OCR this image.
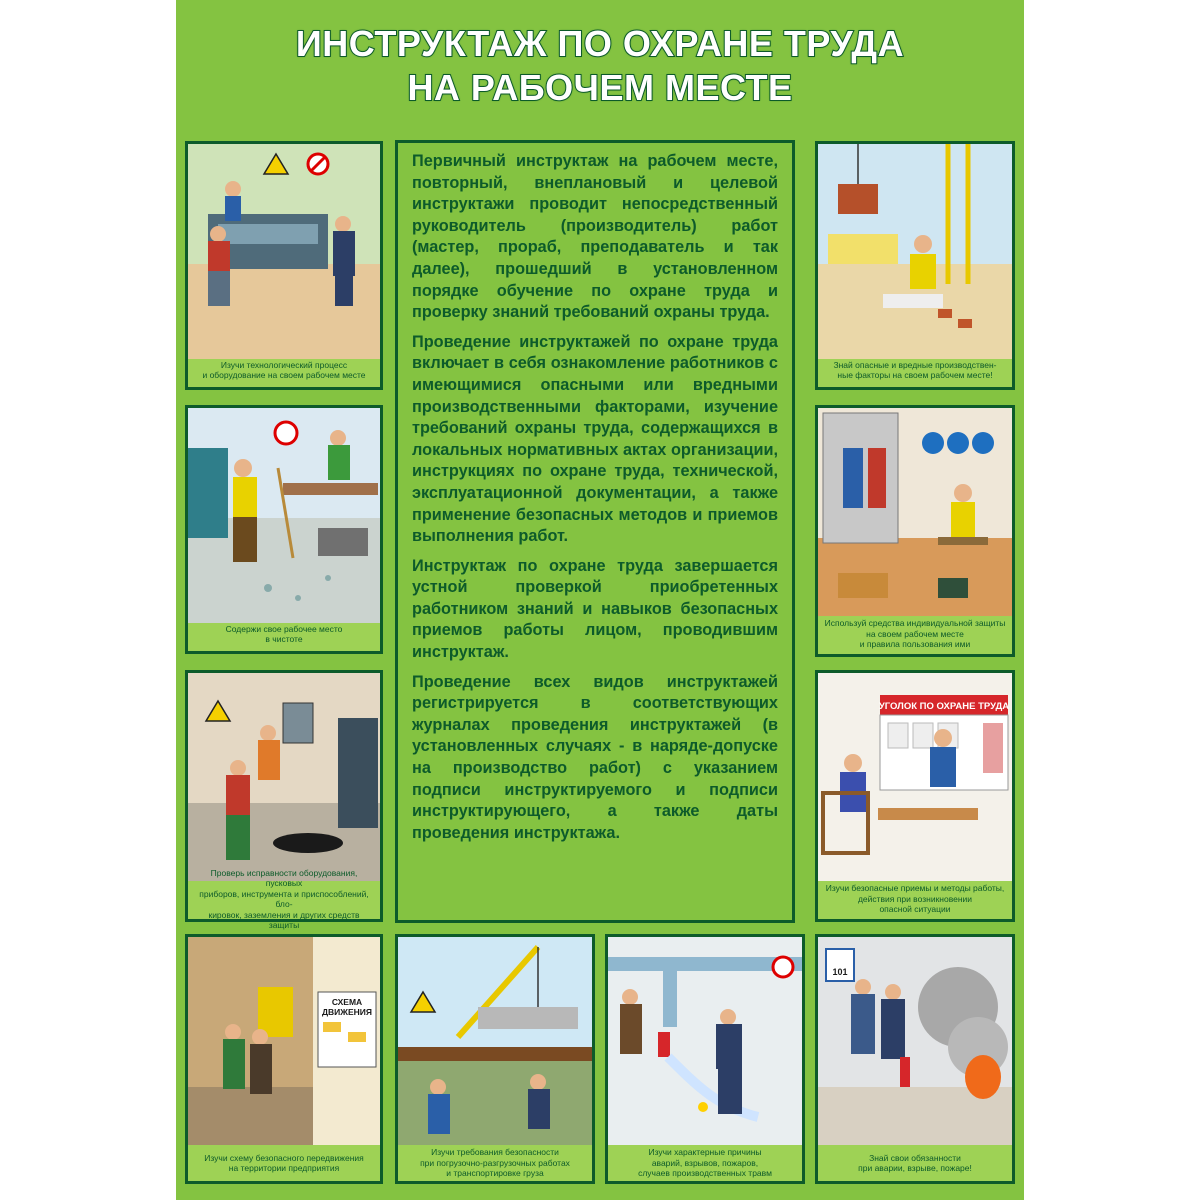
ИНСТРУКТАЖ ПО ОХРАНЕ ТРУДА
НА РАБОЧЕМ МЕСТЕ
Изучи технологический процесс
и оборудование на своем рабочем месте
Содержи свое рабочее место
в чистоте
Проверь исправности оборудования, пусковых
приборов, инструмента и приспособлений, бло-
кировок, заземления и других средств защиты
Знай опасные и вредные производствен-
ные факторы на своем рабочем месте!
Используй средства индивидуальной защиты
на своем рабочем месте
и правила пользования ими
УГОЛОК ПО ОХРАНЕ ТРУДА
Изучи безопасные приемы и методы работы,
действия при возникновении
опасной ситуации

Первичный инструктаж на рабочем месте, повторный, внеплановый и целевой инструктажи проводит непосредственный руководитель (производитель) работ (мастер, прораб, преподаватель и так далее), прошедший в установленном порядке обучение по охране труда и проверку знаний требований охраны труда.

Проведение инструктажей по охране труда включает в себя ознакомление работников с имеющимися опасными или вредными производственными факторами, изучение требований охраны труда, содержащихся в локальных нормативных актах организации, инструкциях по охране труда, технической, эксплуатационной документации, а также применение безопасных методов и приемов выполнения работ.

Инструктаж по охране труда завершается устной проверкой приобретенных работником знаний и навыков безопасных приемов работы лицом, проводившим инструктаж.

Проведение всех видов инструктажей регистрируется в соответствующих журналах проведения инструктажей (в установленных случаях - в наряде-допуске на производство работ) с указанием подписи инструктируемого и подписи инструктирующего, а также даты проведения инструктажа.

СХЕМА
ДВИЖЕНИЯ
Изучи схему безопасного передвижения
на территории предприятия
Изучи требования безопасности
при погрузочно-разгрузочных работах
и транспортировке груза
Изучи характерные причины
аварий, взрывов, пожаров,
случаев производственных травм
101
Знай свои обязанности
при аварии, взрыве, пожаре!
